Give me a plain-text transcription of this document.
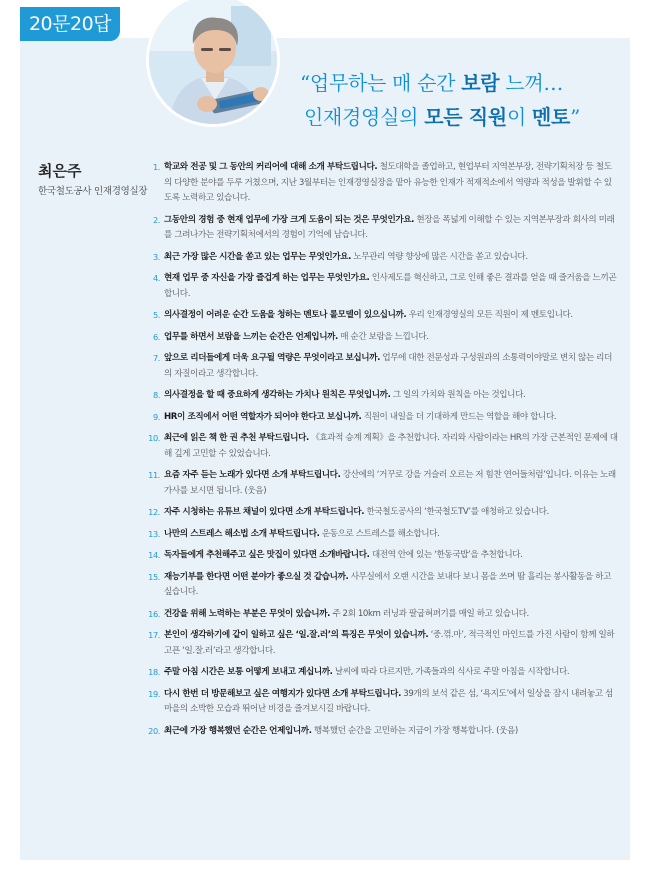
20문20답
“업무하는 매 순간 보람 느껴…
인재경영실의 모든 직원이 멘토”
최은주
한국철도공사 인재경영실장
1. 학교와 전공 및 그 동안의 커리어에 대해 소개 부탁드립니다. 철도대학을 졸업하고, 현업부터 지역본부장, 전략기획처장 등 철도의 다양한 분야를 두루 거쳤으며, 지난 3월부터는 인재경영실장을 맡아 유능한 인재가 적재적소에서 역량과 적성을 발휘할 수 있도록 노력하고 있습니다.
2. 그동안의 경험 중 현재 업무에 가장 크게 도움이 되는 것은 무엇인가요. 현장을 폭넓게 이해할 수 있는 지역본부장과 회사의 미래를 그려나가는 전략기획처에서의 경험이 기억에 남습니다.
3. 최근 가장 많은 시간을 쏟고 있는 업무는 무엇인가요. 노무관리 역량 향상에 많은 시간을 쏟고 있습니다.
4. 현재 업무 중 자신을 가장 즐겁게 하는 업무는 무엇인가요. 인사제도를 혁신하고, 그로 인해 좋은 결과를 얻을 때 즐거움을 느끼곤 합니다.
5. 의사결정이 어려운 순간 도움을 청하는 멘토나 롤모델이 있으십니까. 우리 인재경영실의 모든 직원이 제 멘토입니다.
6. 업무를 하면서 보람을 느끼는 순간은 언제입니까. 매 순간 보람을 느낍니다.
7. 앞으로 리더들에게 더욱 요구될 역량은 무엇이라고 보십니까. 업무에 대한 전문성과 구성원과의 소통력이야말로 변치 않는 리더의 자질이라고 생각합니다.
8. 의사결정을 할 때 중요하게 생각하는 가치나 원칙은 무엇입니까. 그 일의 가치와 원칙을 아는 것입니다.
9. HR이 조직에서 어떤 역할자가 되어야 한다고 보십니까. 직원이 내일을 더 기대하게 만드는 역할을 해야 합니다.
10. 최근에 읽은 책 한 권 추천 부탁드립니다. 《효과적 승계 계획》을 추천합니다. 자리와 사람이라는 HR의 가장 근본적인 문제에 대해 깊게 고민할 수 있었습니다.
11. 요즘 자주 듣는 노래가 있다면 소개 부탁드립니다. 강산에의 ‘거꾸로 강을 거슬러 오르는 저 힘찬 연어들처럼’입니다. 이유는 노래 가사를 보시면 됩니다. (웃음)
12. 자주 시청하는 유튜브 채널이 있다면 소개 부탁드립니다. 한국철도공사의 ‘한국철도TV’를 애청하고 있습니다.
13. 나만의 스트레스 해소법 소개 부탁드립니다. 운동으로 스트레스를 해소합니다.
14. 독자들에게 추천해주고 싶은 맛집이 있다면 소개바랍니다. 대전역 안에 있는 ‘한동국밥’을 추천합니다.
15. 재능기부를 한다면 어떤 분야가 좋으실 것 같습니까. 사무실에서 오랜 시간을 보내다 보니 몸을 쓰며 땀 흘리는 봉사활동을 하고 싶습니다.
16. 건강을 위해 노력하는 부분은 무엇이 있습니까. 주 2회 10km 러닝과 팔굽혀펴기를 매일 하고 있습니다.
17. 본인이 생각하기에 같이 일하고 싶은 ‘일.잘.러’의 특징은 무엇이 있습니까. ‘중.꺾.마’, 적극적인 마인드를 가진 사람이 함께 일하고픈 ‘일.잘.러’라고 생각합니다.
18. 주말 아침 시간은 보통 어떻게 보내고 계십니까. 날씨에 따라 다르지만, 가족들과의 식사로 주말 아침을 시작합니다.
19. 다시 한번 더 방문해보고 싶은 여행지가 있다면 소개 부탁드립니다. 39개의 보석 같은 섬, ‘욕지도’에서 일상을 잠시 내려놓고 섬마을의 소박한 모습과 뛰어난 비경을 즐겨보시길 바랍니다.
20. 최근에 가장 행복했던 순간은 언제입니까. 행복했던 순간을 고민하는 지금이 가장 행복합니다. (웃음)
